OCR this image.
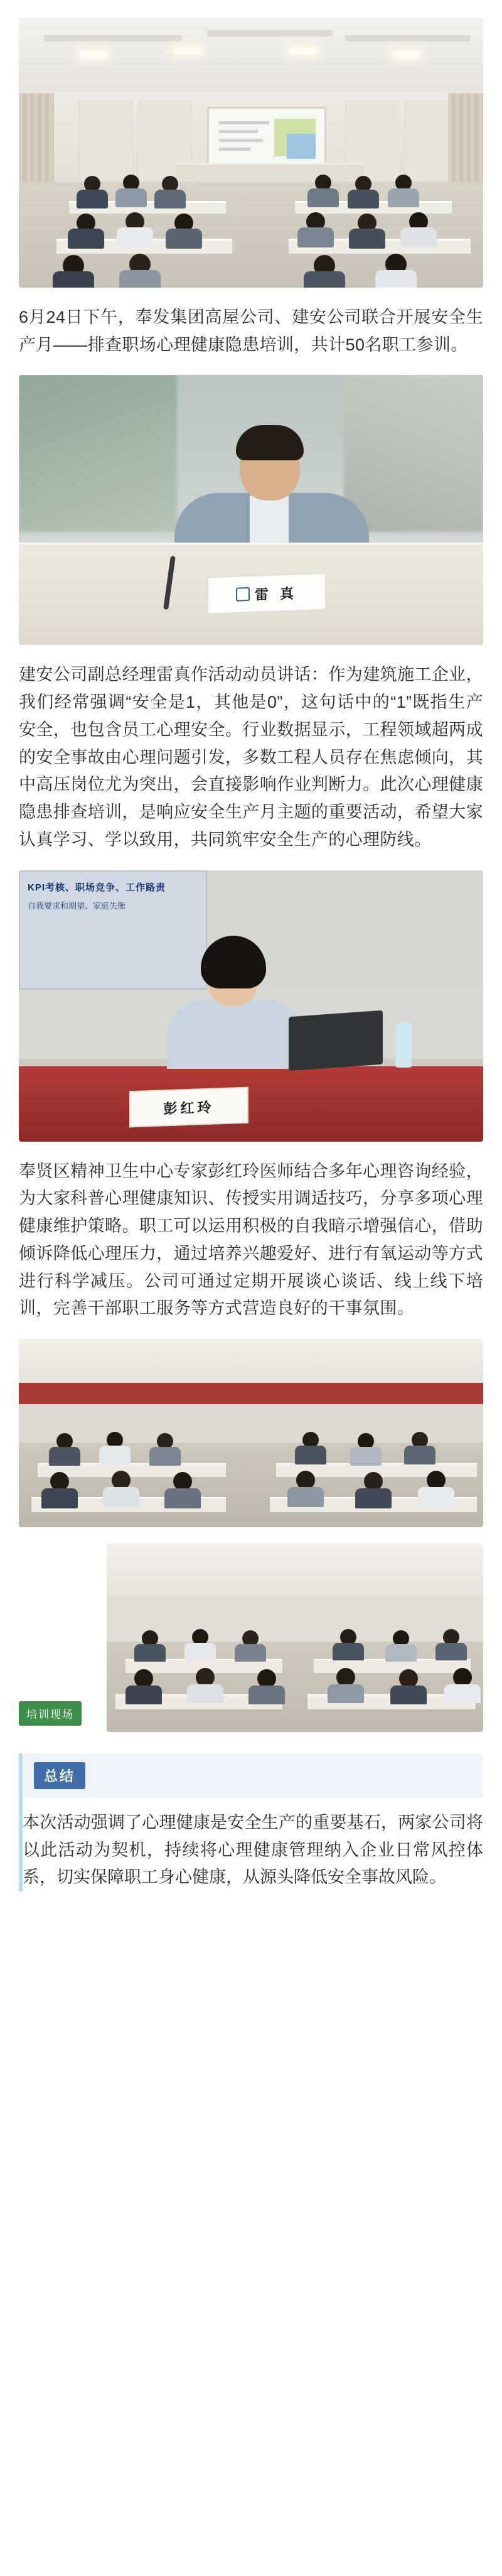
6月24日下午，奉发集团高屋公司、建安公司联合开展安全生产月——排查职场心理健康隐患培训，共计50名职工参训。

雷 真

建安公司副总经理雷真作活动动员讲话：作为建筑施工企业，我们经常强调“安全是1，其他是0”，这句话中的“1”既指生产安全，也包含员工心理安全。行业数据显示，工程领域超两成的安全事故由心理问题引发，多数工程人员存在焦虑倾向，其中高压岗位尤为突出，会直接影响作业判断力。此次心理健康隐患排查培训，是响应安全生产月主题的重要活动，希望大家认真学习、学以致用，共同筑牢安全生产的心理防线。

KPI考核、职场竞争、工作路责
自我要求和期望、家庭失衡
彭红玲

奉贤区精神卫生中心专家彭红玲医师结合多年心理咨询经验，为大家科普心理健康知识、传授实用调适技巧，分享多项心理健康维护策略。职工可以运用积极的自我暗示增强信心，借助倾诉降低心理压力，通过培养兴趣爱好、进行有氧运动等方式进行科学减压。公司可通过定期开展谈心谈话、线上线下培训，完善干部职工服务等方式营造良好的干事氛围。

培训现场
总结

本次活动强调了心理健康是安全生产的重要基石，两家公司将以此活动为契机，持续将心理健康管理纳入企业日常风控体系，切实保障职工身心健康，从源头降低安全事故风险。
